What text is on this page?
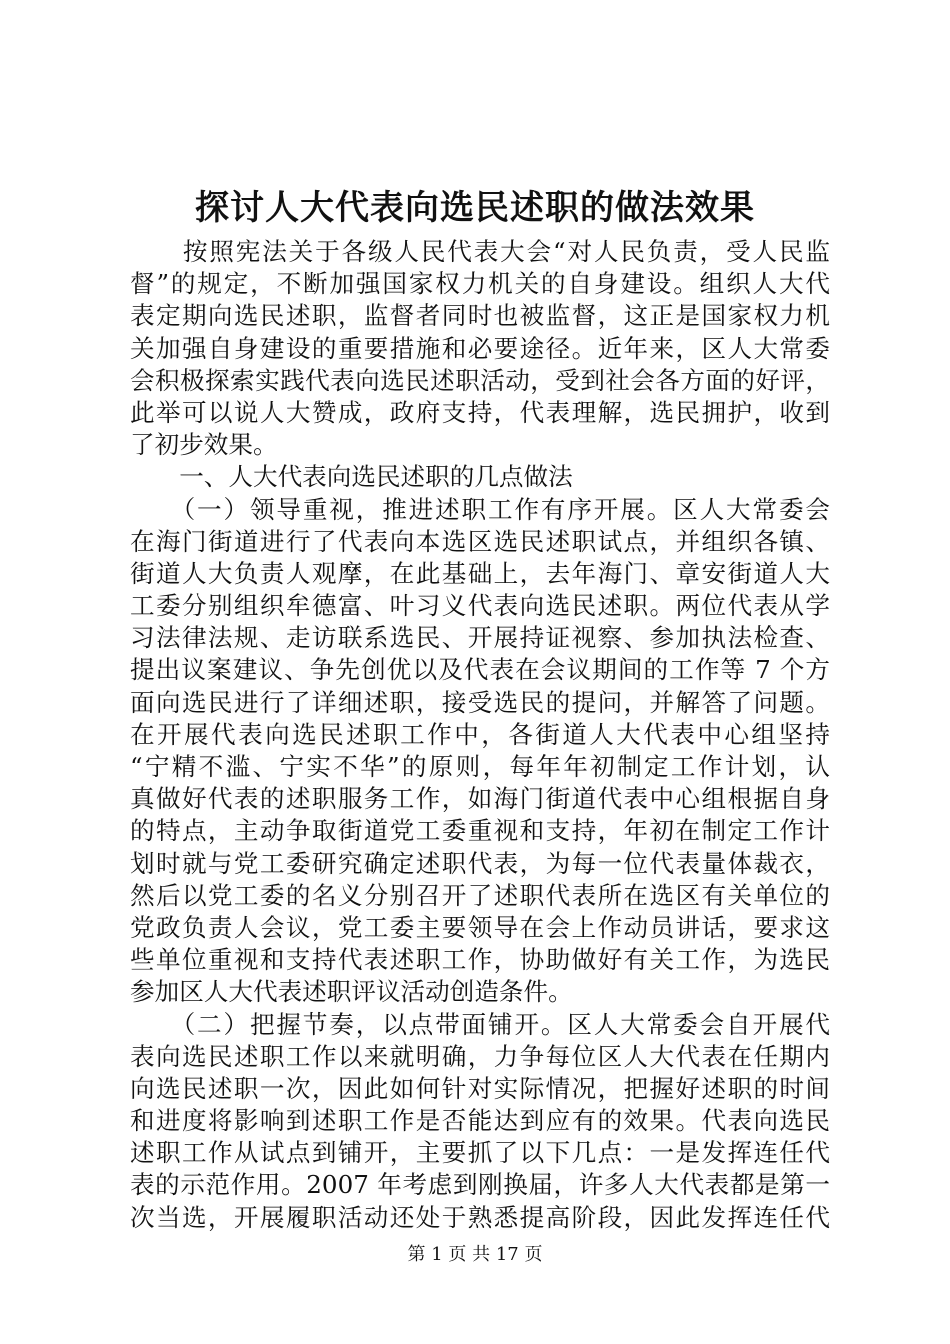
探讨人大代表向选民述职的做法效果
　　按照宪法关于各级人民代表大会“对人民负责，受人民监
督”的规定，不断加强国家权力机关的自身建设。组织人大代
表定期向选民述职，监督者同时也被监督，这正是国家权力机
关加强自身建设的重要措施和必要途径。近年来，区人大常委
会积极探索实践代表向选民述职活动，受到社会各方面的好评，
此举可以说人大赞成，政府支持，代表理解，选民拥护，收到
了初步效果。
　　一、人大代表向选民述职的几点做法
　　（一）领导重视，推进述职工作有序开展。区人大常委会
在海门街道进行了代表向本选区选民述职试点，并组织各镇、
街道人大负责人观摩，在此基础上，去年海门、章安街道人大
工委分别组织牟德富、叶习义代表向选民述职。两位代表从学
习法律法规、走访联系选民、开展持证视察、参加执法检查、
提出议案建议、争先创优以及代表在会议期间的工作等 7 个方
面向选民进行了详细述职，接受选民的提问，并解答了问题。
在开展代表向选民述职工作中，各街道人大代表中心组坚持
“宁精不滥、宁实不华”的原则，每年年初制定工作计划，认
真做好代表的述职服务工作，如海门街道代表中心组根据自身
的特点，主动争取街道党工委重视和支持，年初在制定工作计
划时就与党工委研究确定述职代表，为每一位代表量体裁衣，
然后以党工委的名义分别召开了述职代表所在选区有关单位的
党政负责人会议，党工委主要领导在会上作动员讲话，要求这
些单位重视和支持代表述职工作，协助做好有关工作，为选民
参加区人大代表述职评议活动创造条件。
　　（二）把握节奏，以点带面铺开。区人大常委会自开展代
表向选民述职工作以来就明确，力争每位区人大代表在任期内
向选民述职一次，因此如何针对实际情况，把握好述职的时间
和进度将影响到述职工作是否能达到应有的效果。代表向选民
述职工作从试点到铺开，主要抓了以下几点：一是发挥连任代
表的示范作用。2007 年考虑到刚换届，许多人大代表都是第一
次当选，开展履职活动还处于熟悉提高阶段，因此发挥连任代
第 1 页 共 17 页
